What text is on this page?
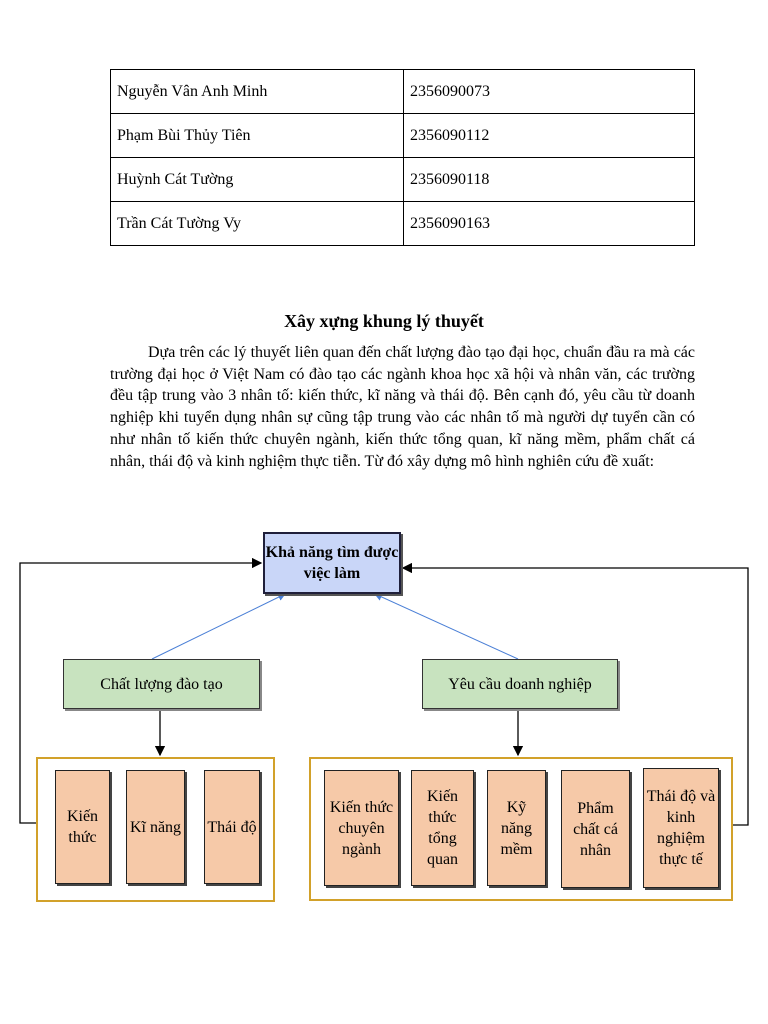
Nguyễn Vân Anh Minh	2356090073
Phạm Bùi Thủy Tiên	2356090112
Huỳnh Cát Tường	2356090118
Trần Cát Tường Vy	2356090163
Xây xựng khung lý thuyết

Dựa trên các lý thuyết liên quan đến chất lượng đào tạo đại học, chuẩn đầu ra mà các trường đại học ở Việt Nam có đào tạo các ngành khoa học xã hội và nhân văn, các trường đều tập trung vào 3 nhân tố: kiến thức, kĩ năng và thái độ. Bên cạnh đó, yêu cầu từ doanh nghiệp khi tuyển dụng nhân sự cũng tập trung vào các nhân tố mà người dự tuyển cần có như nhân tố kiến thức chuyên ngành, kiến thức tổng quan, kĩ năng mềm, phẩm chất cá nhân, thái độ và kinh nghiệm thực tiễn. Từ đó xây dựng mô hình nghiên cứu đề xuất:

Khả năng tìm được việc làm
Chất lượng đào tạo	Yêu cầu doanh nghiệp
Kiến thức
Kĩ năng Thái độ
Kiến thức chuyên ngành
Kiến thức tổng quan
Kỹ năng mềm
Phẩm chất cá nhân
Thái độ và kinh nghiệm thực tế
